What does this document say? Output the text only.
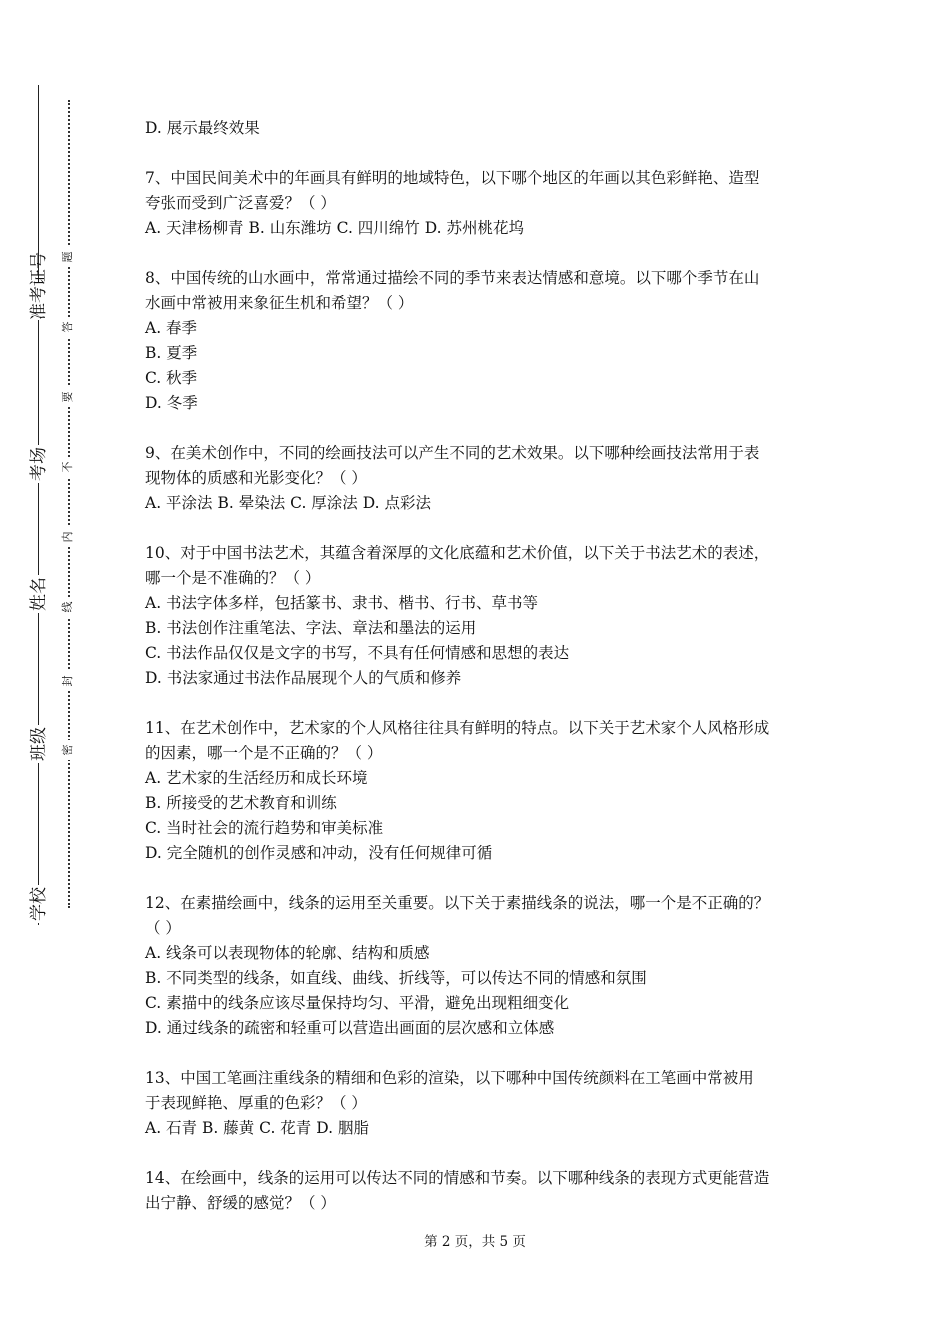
学校
班级
姓名
考场
准考证号
密
封
线
内
不
要
答
题
D. 展示最终效果
7、中国民间美术中的年画具有鲜明的地域特色，以下哪个地区的年画以其色彩鲜艳、造型
夸张而受到广泛喜爱？（ ）
A. 天津杨柳青 B. 山东潍坊 C. 四川绵竹 D. 苏州桃花坞
8、中国传统的山水画中，常常通过描绘不同的季节来表达情感和意境。以下哪个季节在山
水画中常被用来象征生机和希望？（ ）
A. 春季
B. 夏季
C. 秋季
D. 冬季
9、在美术创作中，不同的绘画技法可以产生不同的艺术效果。以下哪种绘画技法常用于表
现物体的质感和光影变化？（ ）
A. 平涂法 B. 晕染法 C. 厚涂法 D. 点彩法
10、对于中国书法艺术，其蕴含着深厚的文化底蕴和艺术价值，以下关于书法艺术的表述，
哪一个是不准确的？（ ）
A. 书法字体多样，包括篆书、隶书、楷书、行书、草书等
B. 书法创作注重笔法、字法、章法和墨法的运用
C. 书法作品仅仅是文字的书写，不具有任何情感和思想的表达
D. 书法家通过书法作品展现个人的气质和修养
11、在艺术创作中，艺术家的个人风格往往具有鲜明的特点。以下关于艺术家个人风格形成
的因素，哪一个是不正确的？（ ）
A. 艺术家的生活经历和成长环境
B. 所接受的艺术教育和训练
C. 当时社会的流行趋势和审美标准
D. 完全随机的创作灵感和冲动，没有任何规律可循
12、在素描绘画中，线条的运用至关重要。以下关于素描线条的说法，哪一个是不正确的？
（ ）
A. 线条可以表现物体的轮廓、结构和质感
B. 不同类型的线条，如直线、曲线、折线等，可以传达不同的情感和氛围
C. 素描中的线条应该尽量保持均匀、平滑，避免出现粗细变化
D. 通过线条的疏密和轻重可以营造出画面的层次感和立体感
13、中国工笔画注重线条的精细和色彩的渲染，以下哪种中国传统颜料在工笔画中常被用
于表现鲜艳、厚重的色彩？（ ）
A. 石青 B. 藤黄 C. 花青 D. 胭脂
14、在绘画中，线条的运用可以传达不同的情感和节奏。以下哪种线条的表现方式更能营造
出宁静、舒缓的感觉？（ ）
第 2 页，共 5 页
